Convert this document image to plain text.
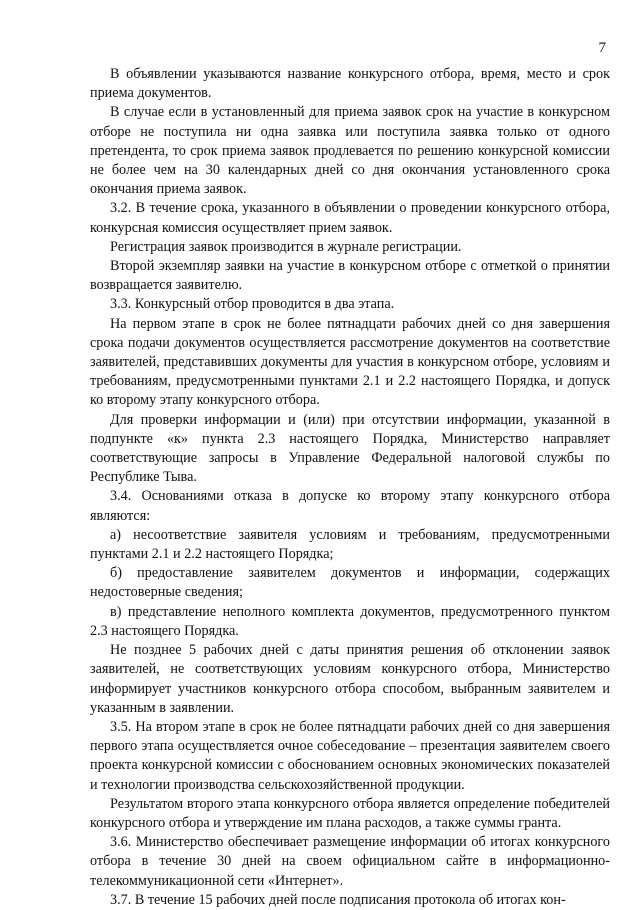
7

В объявлении указываются название конкурсного отбора, время, место и срок приема документов.

В случае если в установленный для приема заявок срок на участие в конкурсном отборе не поступила ни одна заявка или поступила заявка только от одного претендента, то срок приема заявок продлевается по решению конкурсной комиссии не более чем на 30 календарных дней со дня окончания установленного срока окончания приема заявок.

3.2. В течение срока, указанного в объявлении о проведении конкурсного отбора, конкурсная комиссия осуществляет прием заявок.

Регистрация заявок производится в журнале регистрации.

Второй экземпляр заявки на участие в конкурсном отборе с отметкой о принятии возвращается заявителю.

3.3. Конкурсный отбор проводится в два этапа.

На первом этапе в срок не более пятнадцати рабочих дней со дня завершения срока подачи документов осуществляется рассмотрение документов на соответствие заявителей, представивших документы для участия в конкурсном отборе, условиям и требованиям, предусмотренными пунктами 2.1 и 2.2 настоящего Порядка, и допуск ко второму этапу конкурсного отбора.

Для проверки информации и (или) при отсутствии информации, указанной в подпункте «к» пункта 2.3 настоящего Порядка, Министерство направляет соответствующие запросы в Управление Федеральной налоговой службы по Республике Тыва.

3.4. Основаниями отказа в допуске ко второму этапу конкурсного отбора являются:

а) несоответствие заявителя условиям и требованиям, предусмотренными пунктами 2.1 и 2.2 настоящего Порядка;

б) предоставление заявителем документов и информации, содержащих недостоверные сведения;

в) представление неполного комплекта документов, предусмотренного пунктом 2.3 настоящего Порядка.

Не позднее 5 рабочих дней с даты принятия решения об отклонении заявок заявителей, не соответствующих условиям конкурсного отбора, Министерство информирует участников конкурсного отбора способом, выбранным заявителем и указанным в заявлении.

3.5. На втором этапе в срок не более пятнадцати рабочих дней со дня завершения первого этапа осуществляется очное собеседование – презентация заявителем своего проекта конкурсной комиссии с обоснованием основных экономических показателей и технологии производства сельскохозяйственной продукции.

Результатом второго этапа конкурсного отбора является определение победителей конкурсного отбора и утверждение им плана расходов, а также суммы гранта.

3.6. Министерство обеспечивает размещение информации об итогах конкурсного отбора в течение 30 дней на своем официальном сайте в информационно-телекоммуникационной сети «Интернет».

3.7. В течение 15 рабочих дней после подписания протокола об итогах кон-
